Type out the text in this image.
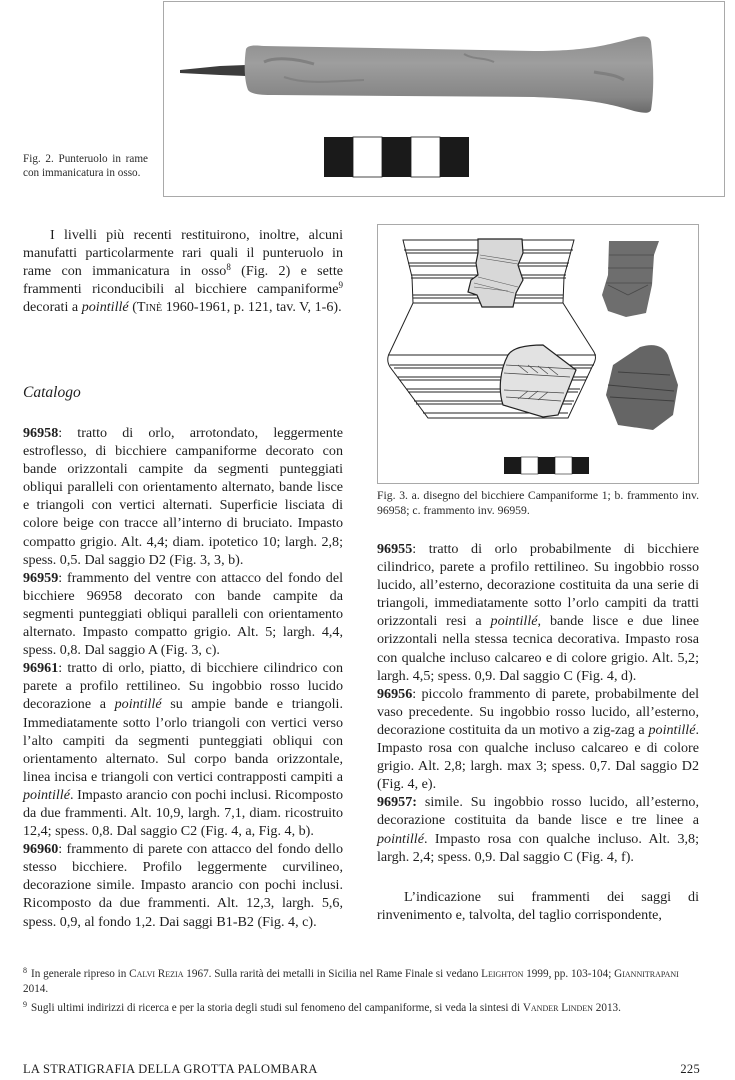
Fig. 2. Punteruolo in rame con immanicatura in osso.

I livelli più recenti restituirono, inoltre, alcuni manufatti particolarmente rari quali il punteruolo in rame con immanicatura in osso$^8$ (Fig. 2) e sette frammenti riconducibili al bicchiere campaniforme$^9$ decorati a pointillé (Tinè 1960-1961, p. 121, tav. V, 1-6).

Catalogo

96958: tratto di orlo, arrotondato, leggermente estroflesso, di bicchiere campaniforme decorato con bande orizzontali campite da segmenti punteggiati obliqui paralleli con orientamento alternato, bande lisce e triangoli con vertici alternati. Superficie lisciata di colore beige con tracce all’interno di bruciato. Impasto compatto grigio. Alt. 4,4; diam. ipotetico 10; largh. 2,8; spess. 0,5. Dal saggio D2 (Fig. 3, 3, b).

96959: frammento del ventre con attacco del fondo del bicchiere 96958 decorato con bande campite da segmenti punteggiati obliqui paralleli con orientamento alternato. Impasto compatto grigio. Alt. 5; largh. 4,4, spess. 0,8. Dal saggio A (Fig. 3, c).

96961: tratto di orlo, piatto, di bicchiere cilindrico con parete a profilo rettilineo. Su ingobbio rosso lucido decorazione a pointillé su ampie bande e triangoli. Immediatamente sotto l’orlo triangoli con vertici verso l’alto campiti da segmenti punteggiati obliqui con orientamento alternato. Sul corpo banda orizzontale, linea incisa e triangoli con vertici contrapposti campiti a pointillé. Impasto arancio con pochi inclusi. Ricomposto da due frammenti. Alt. 10,9, largh. 7,1, diam. ricostruito 12,4; spess. 0,8. Dal saggio C2 (Fig. 4, a, Fig. 4, b).

96960: frammento di parete con attacco del fondo dello stesso bicchiere. Profilo leggermente curvilineo, decorazione simile. Impasto arancio con pochi inclusi. Ricomposto da due frammenti. Alt. 12,3, largh. 5,6, spess. 0,9, al fondo 1,2. Dai saggi B1-B2 (Fig. 4, c).

Fig. 3. a. disegno del bicchiere Campaniforme 1; b. frammento inv. 96958; c. frammento inv. 96959.

96955: tratto di orlo probabilmente di bicchiere cilindrico, parete a profilo rettilineo. Su ingobbio rosso lucido, all’esterno, decorazione costituita da una serie di triangoli, immediatamente sotto l’orlo campiti da tratti orizzontali resi a pointillé, bande lisce e due linee orizzontali nella stessa tecnica decorativa. Impasto rosa con qualche incluso calcareo e di colore grigio. Alt. 5,2; largh. 4,5; spess. 0,9. Dal saggio C (Fig. 4, d).

96956: piccolo frammento di parete, probabilmente del vaso precedente. Su ingobbio rosso lucido, all’esterno, decorazione costituita da un motivo a zig-zag a pointillé. Impasto rosa con qualche incluso calcareo e di colore grigio. Alt. 2,8; largh. max 3; spess. 0,7. Dal saggio D2 (Fig. 4, e).

96957: simile. Su ingobbio rosso lucido, all’esterno, decorazione costituita da bande lisce e tre linee a pointillé. Impasto rosa con qualche incluso. Alt. 3,8; largh. 2,4; spess. 0,9. Dal saggio C (Fig. 4, f).

L’indicazione sui frammenti dei saggi di rinvenimento e, talvolta, del taglio corrispondente,

$^8$ In generale ripreso in Calvi Rezia 1967. Sulla rarità dei metalli in Sicilia nel Rame Finale si vedano Leighton 1999, pp. 103-104; Giannitrapani 2014.

$^9$ Sugli ultimi indirizzi di ricerca e per la storia degli studi sul fenomeno del campaniforme, si veda la sintesi di Vander Linden 2013.

LA STRATIGRAFIA DELLA GROTTA PALOMBARA	225
